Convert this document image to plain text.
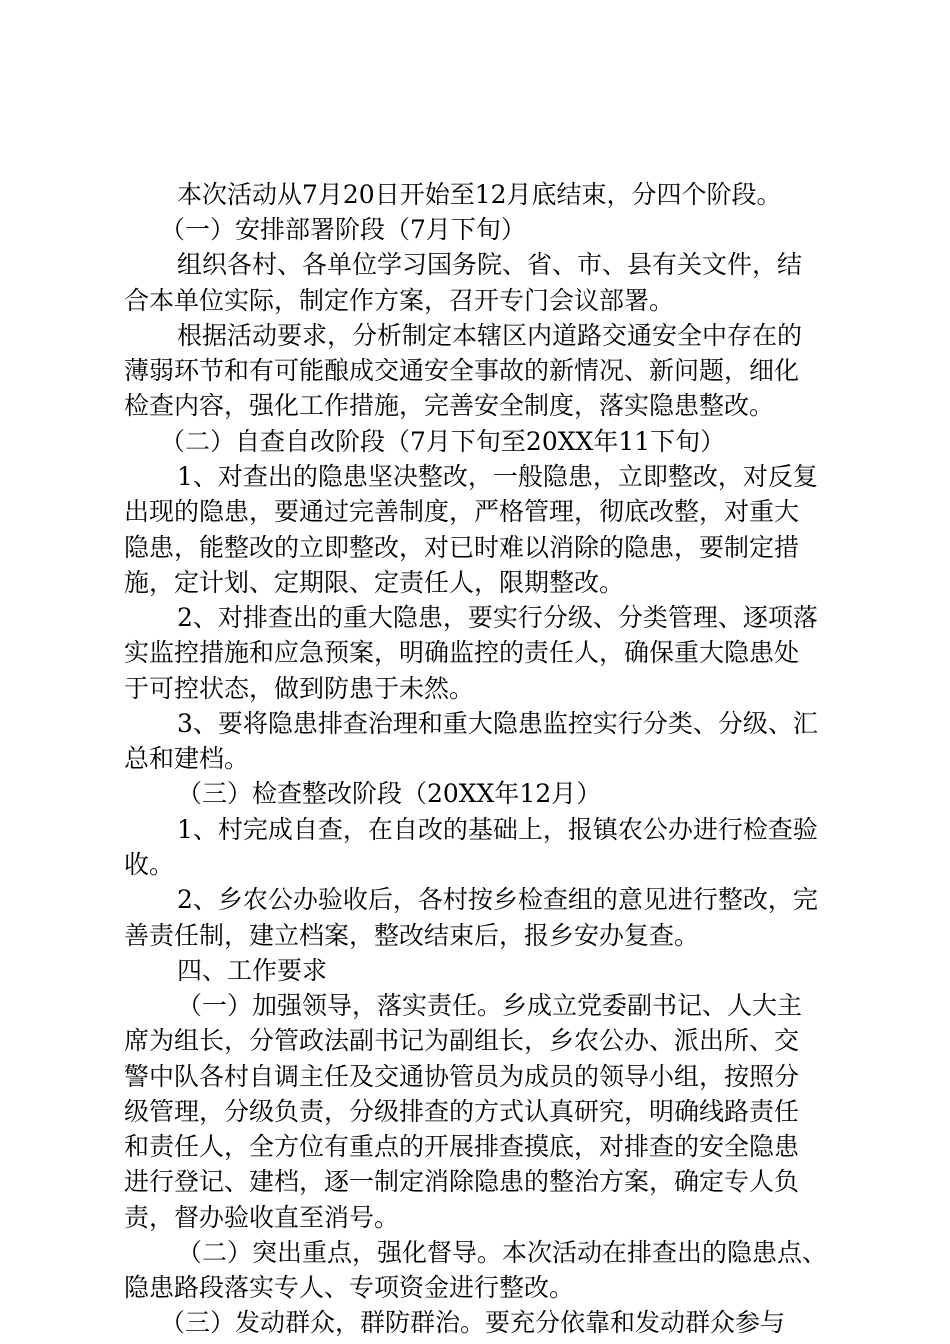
本次活动从7月20日开始至12月底结束，分四个阶段。
（一）安排部署阶段（7月下旬）
组织各村、各单位学习国务院、省、市、县有关文件，结
合本单位实际，制定作方案，召开专门会议部署。
根据活动要求，分析制定本辖区内道路交通安全中存在的
薄弱环节和有可能酿成交通安全事故的新情况、新问题，细化
检查内容，强化工作措施，完善安全制度，落实隐患整改。
（二）自查自改阶段（7月下旬至20XX年11下旬）
1、对查出的隐患坚决整改，一般隐患，立即整改，对反复
出现的隐患，要通过完善制度，严格管理，彻底改整，对重大
隐患，能整改的立即整改，对已时难以消除的隐患，要制定措
施，定计划、定期限、定责任人，限期整改。
2、对排查出的重大隐患，要实行分级、分类管理、逐项落
实监控措施和应急预案，明确监控的责任人，确保重大隐患处
于可控状态，做到防患于未然。
3、要将隐患排查治理和重大隐患监控实行分类、分级、汇
总和建档。
（三）检查整改阶段（20XX年12月）
1、村完成自查，在自改的基础上，报镇农公办进行检查验
收。
2、乡农公办验收后，各村按乡检查组的意见进行整改，完
善责任制，建立档案，整改结束后，报乡安办复查。
四、工作要求
（一）加强领导，落实责任。乡成立党委副书记、人大主
席为组长，分管政法副书记为副组长，乡农公办、派出所、交
警中队各村自调主任及交通协管员为成员的领导小组，按照分
级管理，分级负责，分级排查的方式认真研究，明确线路责任
和责任人，全方位有重点的开展排查摸底，对排查的安全隐患
进行登记、建档，逐一制定消除隐患的整治方案，确定专人负
责，督办验收直至消号。
（二）突出重点，强化督导。本次活动在排查出的隐患点、
隐患路段落实专人、专项资金进行整改。
（三）发动群众，群防群治。要充分依靠和发动群众参与
